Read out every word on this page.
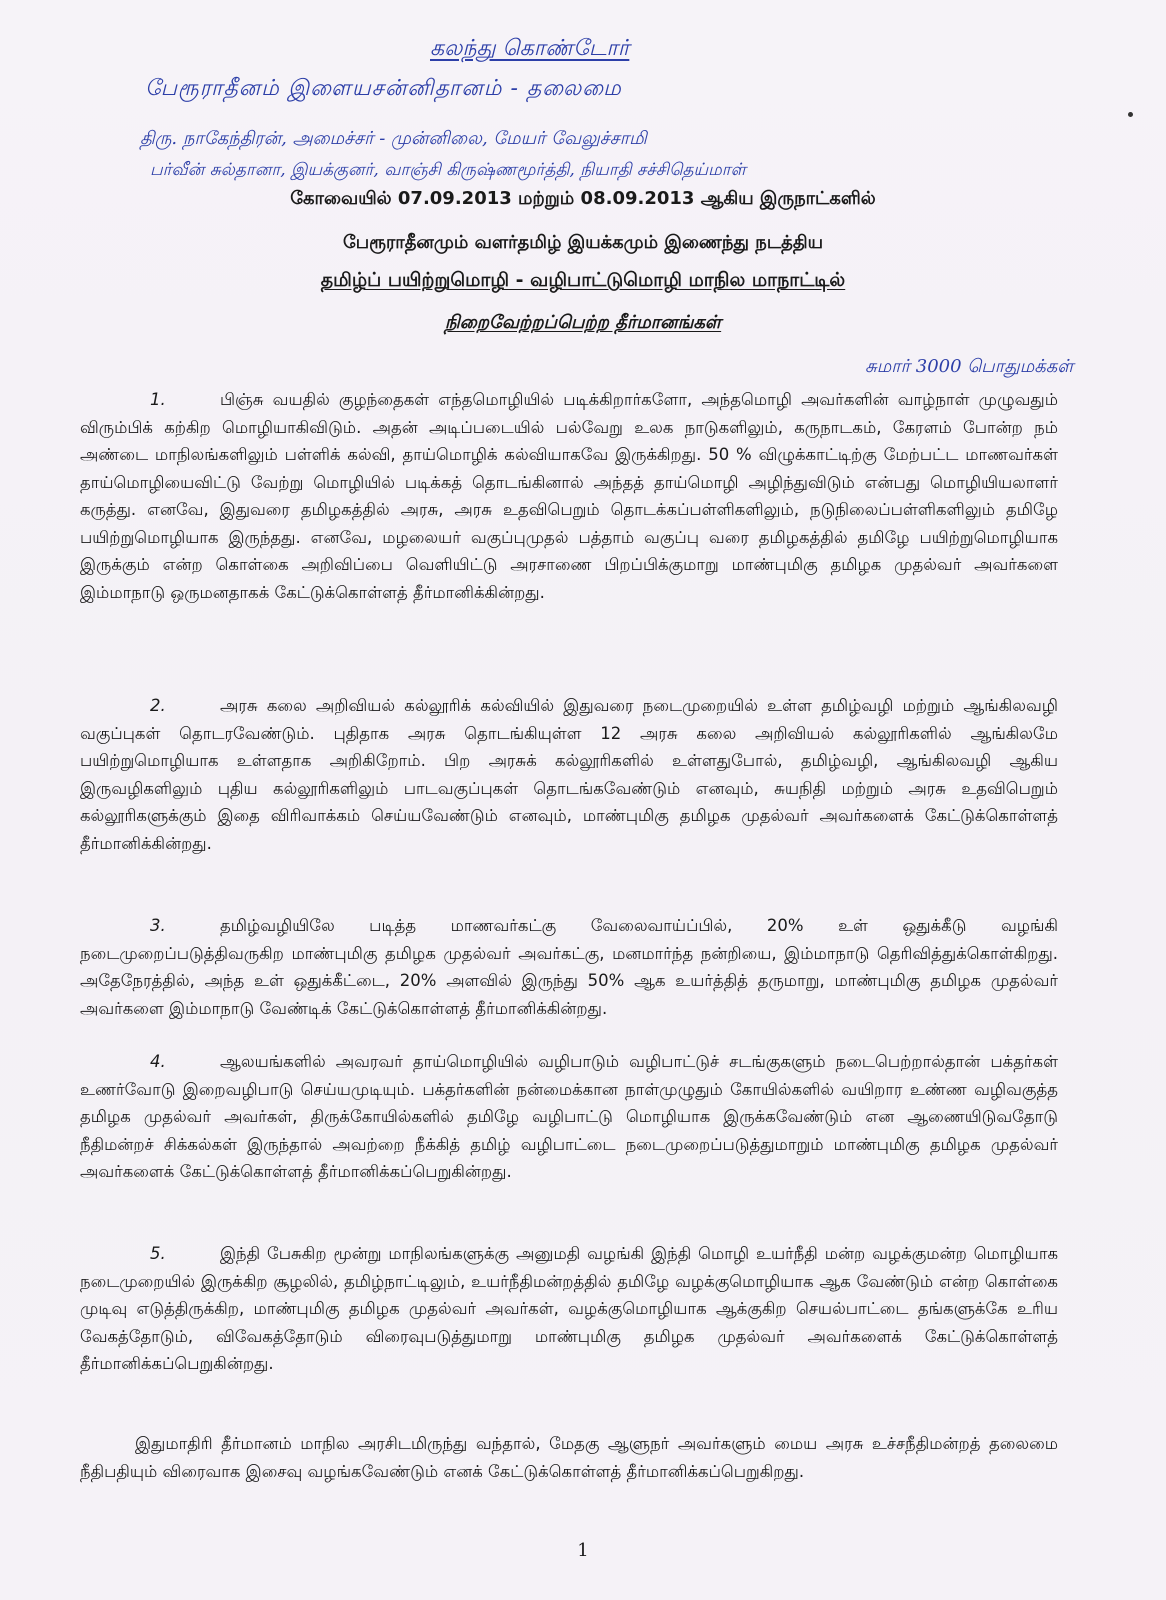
கலந்து கொண்டோர்
பேரூராதீனம் இளையசன்னிதானம் - தலைமை
திரு. நாகேந்திரன், அமைச்சர் - முன்னிலை, மேயர் வேலுச்சாமி
பர்வீன் சுல்தானா, இயக்குனர், வாஞ்சி கிருஷ்ணமூர்த்தி, நியாதி சச்சிதெய்மாள்
கோவையில் 07.09.2013 மற்றும் 08.09.2013 ஆகிய இருநாட்களில்
பேரூராதீனமும் வளர்தமிழ் இயக்கமும் இணைந்து நடத்திய
தமிழ்ப் பயிற்றுமொழி - வழிபாட்டுமொழி மாநில மாநாட்டில்
நிறைவேற்றப்பெற்ற தீர்மானங்கள்
சுமார் 3000 பொதுமக்கள்
1.	பிஞ்சு வயதில் குழந்தைகள் எந்தமொழியில் படிக்கிறார்களோ, அந்தமொழி அவர்களின் வாழ்நாள் முழுவதும் விரும்பிக் கற்கிற மொழியாகிவிடும். அதன் அடிப்படையில் பல்வேறு உலக நாடுகளிலும், கருநாடகம், கேரளம் போன்ற நம் அண்டை மாநிலங்களிலும் பள்ளிக் கல்வி, தாய்மொழிக் கல்வியாகவே இருக்கிறது. 50 % விழுக்காட்டிற்கு மேற்பட்ட மாணவர்கள் தாய்மொழியைவிட்டு வேற்று மொழியில் படிக்கத் தொடங்கினால் அந்தத் தாய்மொழி அழிந்துவிடும் என்பது மொழியியலாளர் கருத்து. எனவே, இதுவரை தமிழகத்தில் அரசு, அரசு உதவிபெறும் தொடக்கப்பள்ளிகளிலும், நடுநிலைப்பள்ளிகளிலும் தமிழே பயிற்றுமொழியாக இருந்தது. எனவே, மழலையர் வகுப்புமுதல் பத்தாம் வகுப்பு வரை தமிழகத்தில் தமிழே பயிற்றுமொழியாக இருக்கும் என்ற கொள்கை அறிவிப்பை வெளியிட்டு அரசாணை பிறப்பிக்குமாறு மாண்புமிகு தமிழக முதல்வர் அவர்களை இம்மாநாடு ஒருமனதாகக் கேட்டுக்கொள்ளத் தீர்மானிக்கின்றது.
2.	அரசு கலை அறிவியல் கல்லூரிக் கல்வியில் இதுவரை நடைமுறையில் உள்ள தமிழ்வழி மற்றும் ஆங்கிலவழி வகுப்புகள் தொடரவேண்டும். புதிதாக அரசு தொடங்கியுள்ள 12 அரசு கலை அறிவியல் கல்லூரிகளில் ஆங்கிலமே பயிற்றுமொழியாக உள்ளதாக அறிகிறோம். பிற அரசுக் கல்லூரிகளில் உள்ளதுபோல், தமிழ்வழி, ஆங்கிலவழி ஆகிய இருவழிகளிலும் புதிய கல்லூரிகளிலும் பாடவகுப்புகள் தொடங்கவேண்டும் எனவும், சுயநிதி மற்றும் அரசு உதவிபெறும் கல்லூரிகளுக்கும் இதை விரிவாக்கம் செய்யவேண்டும் எனவும், மாண்புமிகு தமிழக முதல்வர் அவர்களைக் கேட்டுக்கொள்ளத் தீர்மானிக்கின்றது.
3.	தமிழ்வழியிலே படித்த மாணவர்கட்கு வேலைவாய்ப்பில், 20% உள் ஒதுக்கீடு வழங்கி நடைமுறைப்படுத்திவருகிற மாண்புமிகு தமிழக முதல்வர் அவர்கட்கு, மனமார்ந்த நன்றியை, இம்மாநாடு தெரிவித்துக்கொள்கிறது. அதேநேரத்தில், அந்த உள் ஒதுக்கீட்டை, 20% அளவில் இருந்து 50% ஆக உயர்த்தித் தருமாறு, மாண்புமிகு தமிழக முதல்வர் அவர்களை இம்மாநாடு வேண்டிக் கேட்டுக்கொள்ளத் தீர்மானிக்கின்றது.
4.	ஆலயங்களில் அவரவர் தாய்மொழியில் வழிபாடும் வழிபாட்டுச் சடங்குகளும் நடைபெற்றால்தான் பக்தர்கள் உணர்வோடு இறைவழிபாடு செய்யமுடியும். பக்தர்களின் நன்மைக்கான நாள்முழுதும் கோயில்களில் வயிறார உண்ண வழிவகுத்த தமிழக முதல்வர் அவர்கள், திருக்கோயில்களில் தமிழே வழிபாட்டு மொழியாக இருக்கவேண்டும் என ஆணையிடுவதோடு நீதிமன்றச் சிக்கல்கள் இருந்தால் அவற்றை நீக்கித் தமிழ் வழிபாட்டை நடைமுறைப்படுத்துமாறும் மாண்புமிகு தமிழக முதல்வர் அவர்களைக் கேட்டுக்கொள்ளத் தீர்மானிக்கப்பெறுகின்றது.
5.	இந்தி பேசுகிற மூன்று மாநிலங்களுக்கு அனுமதி வழங்கி இந்தி மொழி உயர்நீதி மன்ற வழக்குமன்ற மொழியாக நடைமுறையில் இருக்கிற சூழலில், தமிழ்நாட்டிலும், உயர்நீதிமன்றத்தில் தமிழே வழக்குமொழியாக ஆக வேண்டும் என்ற கொள்கை முடிவு எடுத்திருக்கிற, மாண்புமிகு தமிழக முதல்வர் அவர்கள், வழக்குமொழியாக ஆக்குகிற செயல்பாட்டை தங்களுக்கே உரிய வேகத்தோடும், விவேகத்தோடும் விரைவுபடுத்துமாறு மாண்புமிகு தமிழக முதல்வர் அவர்களைக் கேட்டுக்கொள்ளத் தீர்மானிக்கப்பெறுகின்றது.
இதுமாதிரி தீர்மானம் மாநில அரசிடமிருந்து வந்தால், மேதகு ஆளுநர் அவர்களும் மைய அரசு உச்சநீதிமன்றத் தலைமை நீதிபதியும் விரைவாக இசைவு வழங்கவேண்டும் எனக் கேட்டுக்கொள்ளத் தீர்மானிக்கப்பெறுகிறது.
1
